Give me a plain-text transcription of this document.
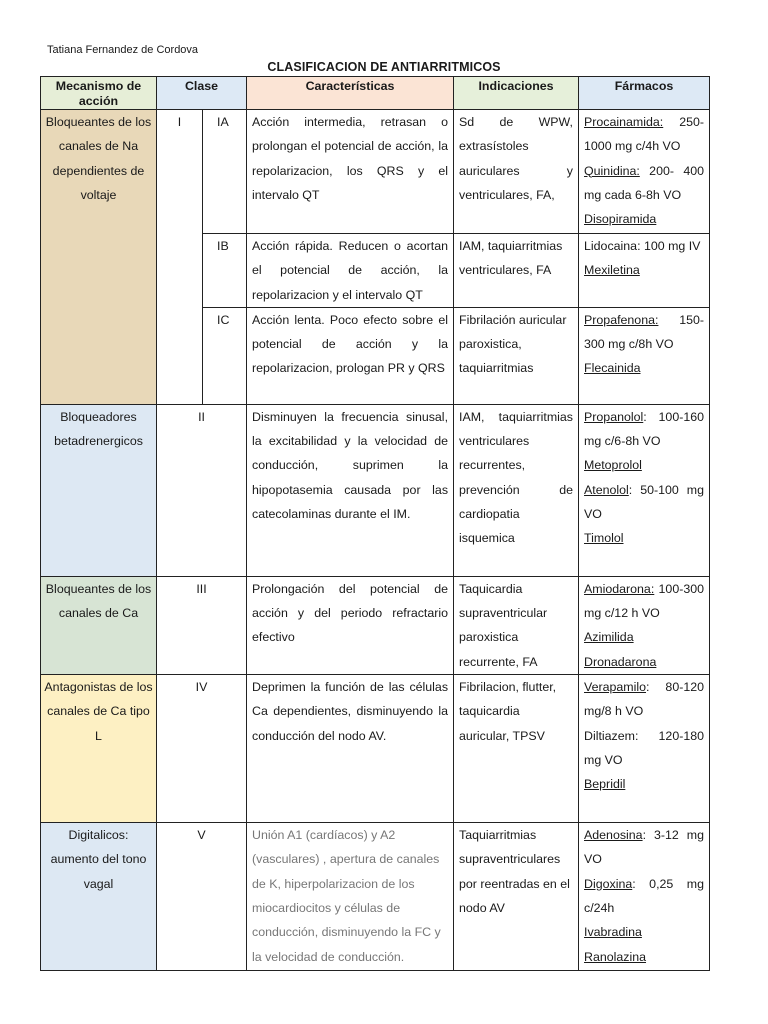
Tatiana Fernandez de Cordova
CLASIFICACION DE ANTIARRITMICOS
Mecanismo de acción	Clase		Características	Indicaciones	Fármacos
Bloqueantes de los canales de Na dependientes de voltaje	I	IA	Acción intermedia, retrasan o prolongan el potencial de acción, la repolarizacion, los QRS y el intervalo QT	Sd de WPW, extrasístoles auriculares y ventriculares, FA,	Procainamida: 250-1000 mg c/4h VO
Quinidina: 200- 400 mg cada 6-8h VO
Disopiramida
		IB	Acción rápida. Reducen o acortan el potencial de acción, la repolarizacion y el intervalo QT	IAM, taquiarritmias ventriculares, FA	Lidocaina: 100 mg IV
Mexiletina
		IC	Acción lenta. Poco efecto sobre el potencial de acción y la repolarizacion, prologan PR y QRS	Fibrilación auricular paroxistica, taquiarritmias	Propafenona: 150-300 mg c/8h VO
Flecainida
Bloqueadores betadrenergicos	II		Disminuyen la frecuencia sinusal, la excitabilidad y la velocidad de conducción, suprimen la hipopotasemia causada por las catecolaminas durante el IM.	IAM, taquiarritmias ventriculares recurrentes, prevención de cardiopatia isquemica	Propanolol: 100-160 mg c/6-8h VO
Metoprolol
Atenolol: 50-100 mg VO
Timolol
Bloqueantes de los canales de Ca	III		Prolongación del potencial de acción y del periodo refractario efectivo	Taquicardia supraventricular paroxistica recurrente, FA	Amiodarona: 100-300 mg c/12 h VO
Azimilida
Dronadarona
Antagonistas de los canales de Ca tipo L	IV		Deprimen la función de las células Ca dependientes, disminuyendo la conducción del nodo AV.	Fibrilacion, flutter, taquicardia auricular, TPSV	Verapamilo: 80-120 mg/8 h VO
Diltiazem: 120-180 mg VO
Bepridil
Digitalicos: aumento del tono vagal	V		Unión A1 (cardíacos) y A2 (vasculares) , apertura de canales de K, hiperpolarizacion de los miocardiocitos y células de conducción, disminuyendo la FC y la velocidad de conducción.	Taquiarritmias supraventriculares por reentradas en el nodo AV	Adenosina: 3-12 mg VO
Digoxina: 0,25 mg c/24h
Ivabradina
Ranolazina
